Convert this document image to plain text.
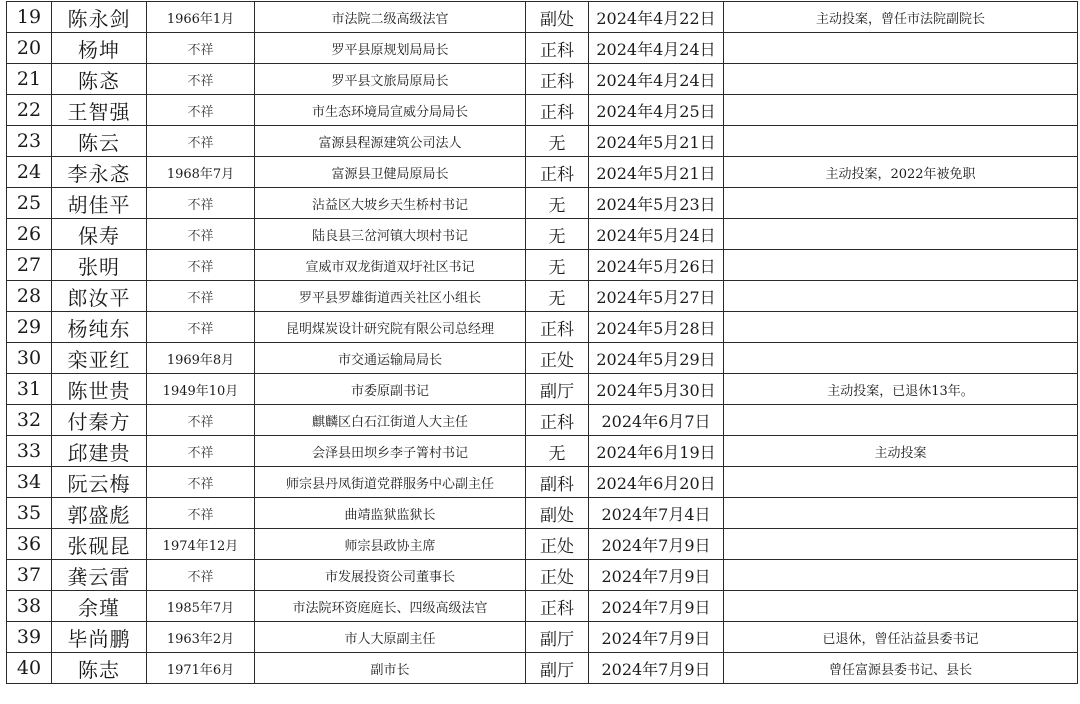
19	陈永剑	1966年1月	市法院二级高级法官	副处	2024年4月22日	主动投案，曾任市法院副院长
20	杨坤	不祥	罗平县原规划局局长	正科	2024年4月24日	
21	陈忞	不祥	罗平县文旅局原局长	正科	2024年4月24日	
22	王智强	不祥	市生态环境局宣威分局局长	正科	2024年4月25日	
23	陈云	不祥	富源县程源建筑公司法人	无	2024年5月21日	
24	李永忞	1968年7月	富源县卫健局原局长	正科	2024年5月21日	主动投案，2022年被免职
25	胡佳平	不祥	沾益区大坡乡天生桥村书记	无	2024年5月23日	
26	保寿	不祥	陆良县三岔河镇大坝村书记	无	2024年5月24日	
27	张明	不祥	宣威市双龙街道双圩社区书记	无	2024年5月26日	
28	郎汝平	不祥	罗平县罗雄街道西关社区小组长	无	2024年5月27日	
29	杨纯东	不祥	昆明煤炭设计研究院有限公司总经理	正科	2024年5月28日	
30	栾亚红	1969年8月	市交通运输局局长	正处	2024年5月29日	
31	陈世贵	1949年10月	市委原副书记	副厅	2024年5月30日	主动投案，已退休13年。
32	付秦方	不祥	麒麟区白石江街道人大主任	正科	2024年6月7日	
33	邱建贵	不祥	会泽县田坝乡李子箐村书记	无	2024年6月19日	主动投案
34	阮云梅	不祥	师宗县丹凤街道党群服务中心副主任	副科	2024年6月20日	
35	郭盛彪	不祥	曲靖监狱监狱长	副处	2024年7月4日	
36	张砚昆	1974年12月	师宗县政协主席	正处	2024年7月9日	
37	龚云雷	不祥	市发展投资公司董事长	正处	2024年7月9日	
38	余瑾	1985年7月	市法院环资庭庭长、四级高级法官	正科	2024年7月9日	
39	毕尚鹏	1963年2月	市人大原副主任	副厅	2024年7月9日	已退休，曾任沾益县委书记
40	陈志	1971年6月	副市长	副厅	2024年7月9日	曾任富源县委书记、县长
